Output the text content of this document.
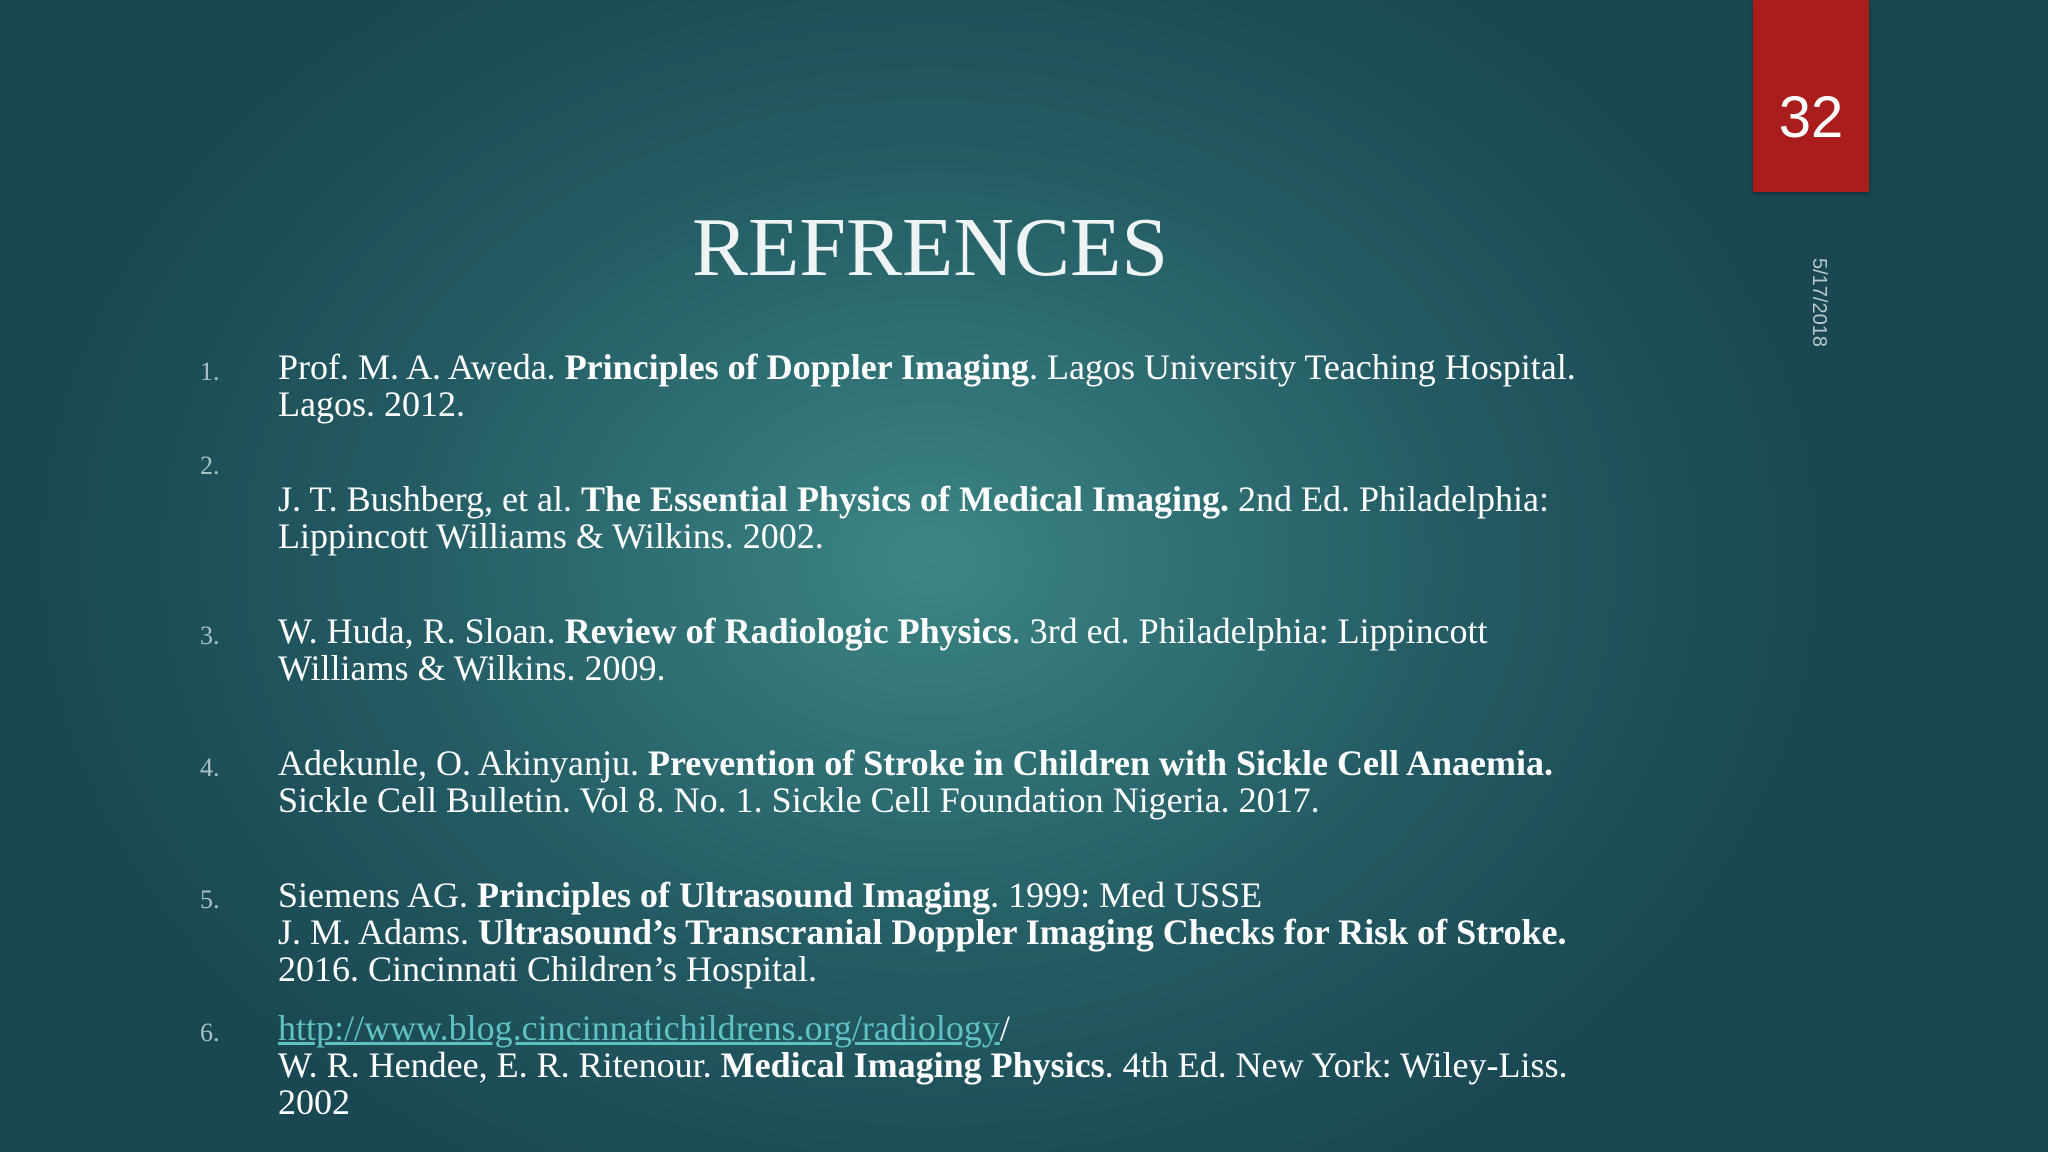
32
5/17/2018
REFRENCES
1.	Prof. M. A. Aweda. Principles of Doppler Imaging. Lagos University Teaching Hospital.
Lagos. 2012.
2.
J. T. Bushberg, et al. The Essential Physics of Medical Imaging. 2nd Ed. Philadelphia:
Lippincott Williams & Wilkins. 2002.
3.	W. Huda, R. Sloan. Review of Radiologic Physics. 3rd ed. Philadelphia: Lippincott
Williams & Wilkins. 2009.
4.	Adekunle, O. Akinyanju. Prevention of Stroke in Children with Sickle Cell Anaemia.
Sickle Cell Bulletin. Vol 8. No. 1. Sickle Cell Foundation Nigeria. 2017.
5.	Siemens AG. Principles of Ultrasound Imaging. 1999: Med USSE
J. M. Adams. Ultrasound’s Transcranial Doppler Imaging Checks for Risk of Stroke.
2016. Cincinnati Children’s Hospital.
6.	http://www.blog.cincinnatichildrens.org/radiology/
W. R. Hendee, E. R. Ritenour. Medical Imaging Physics. 4th Ed. New York: Wiley-Liss.
2002
